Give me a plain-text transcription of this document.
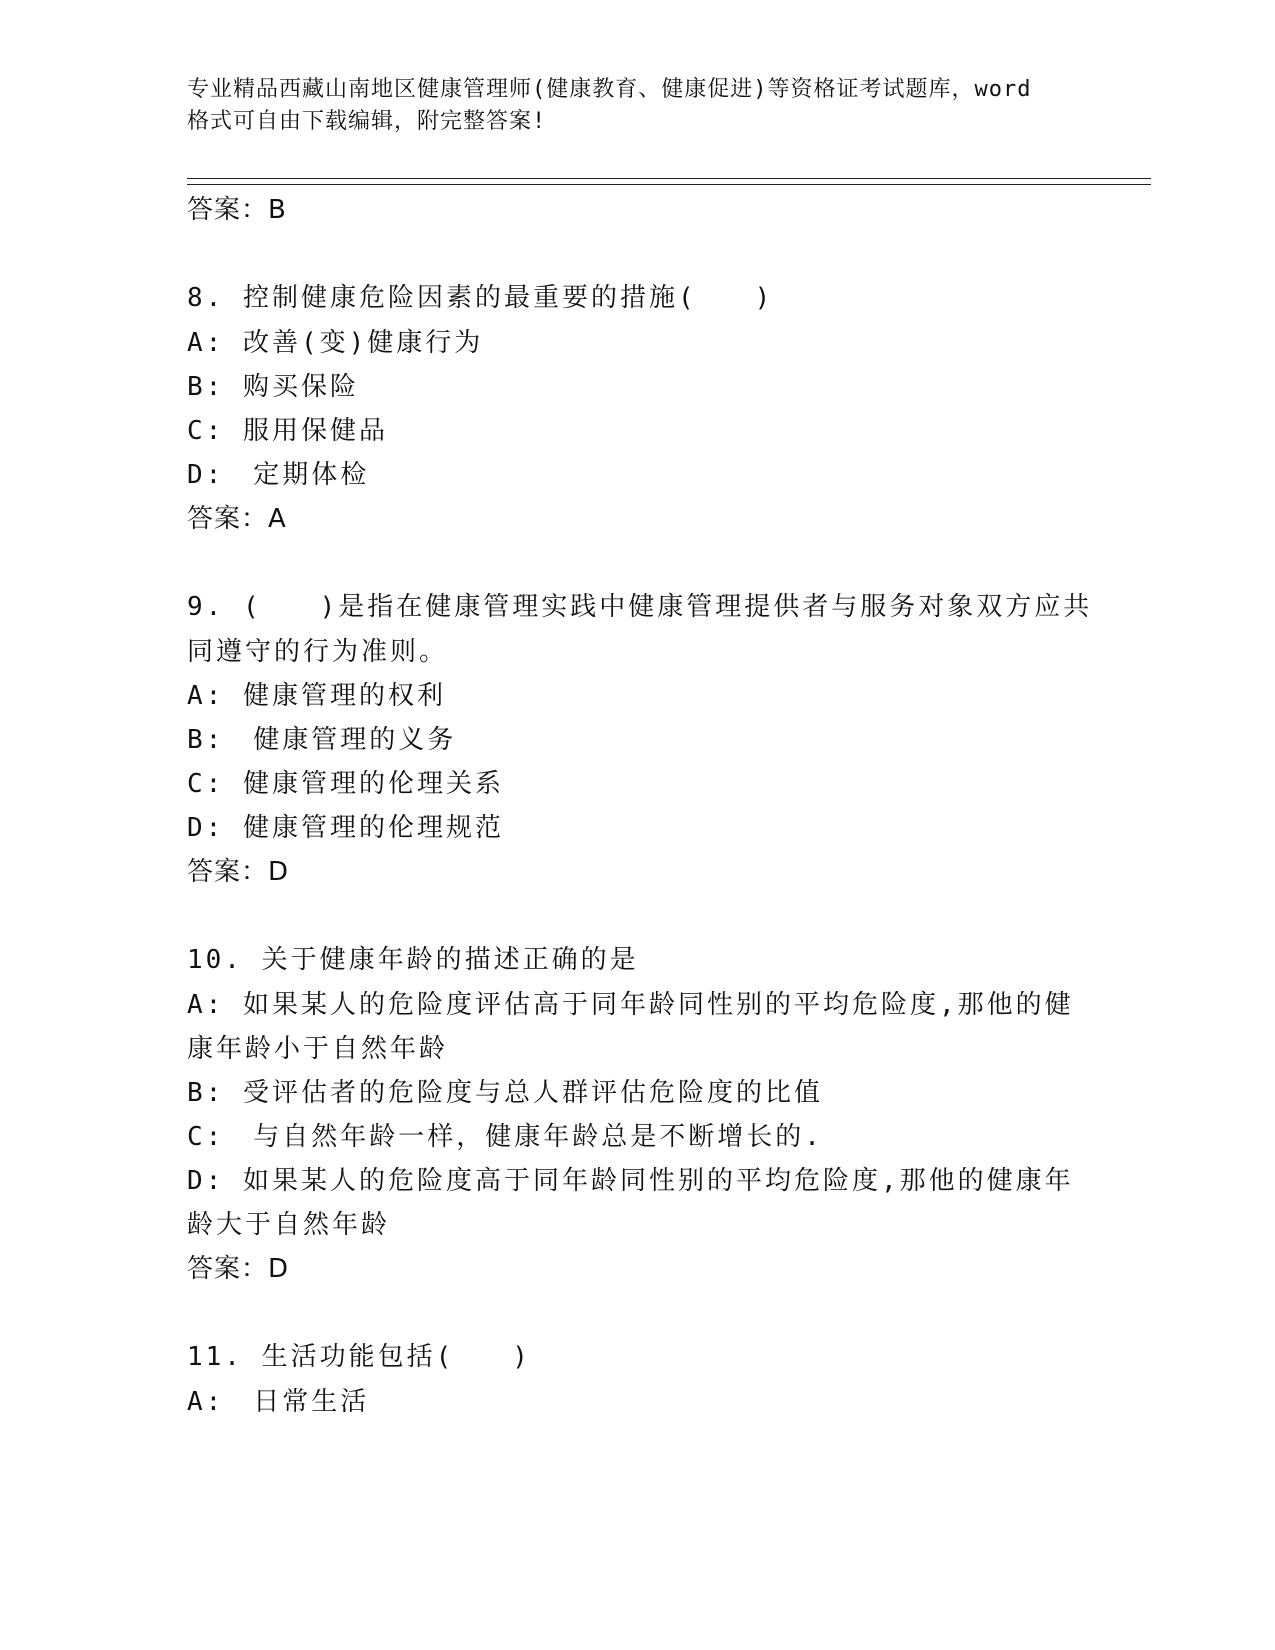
专业精品西藏山南地区健康管理师(健康教育、健康促进)等资格证考试题库，word
格式可自由下载编辑，附完整答案!
答案：B
8. 控制健康危险因素的最重要的措施(　　)
A: 改善(变)健康行为
B: 购买保险
C: 服用保健品
D:　定期体检
答案：A
9. (　　)是指在健康管理实践中健康管理提供者与服务对象双方应共
同遵守的行为准则。
A: 健康管理的权利
B:　健康管理的义务
C: 健康管理的伦理关系
D: 健康管理的伦理规范
答案：D
10. 关于健康年龄的描述正确的是
A: 如果某人的危险度评估高于同年龄同性别的平均危险度,那他的健
康年龄小于自然年龄
B: 受评估者的危险度与总人群评估危险度的比值
C:　与自然年龄一样，健康年龄总是不断增长的.
D: 如果某人的危险度高于同年龄同性别的平均危险度,那他的健康年
龄大于自然年龄
答案：D
11. 生活功能包括(　　)
A:　日常生活
